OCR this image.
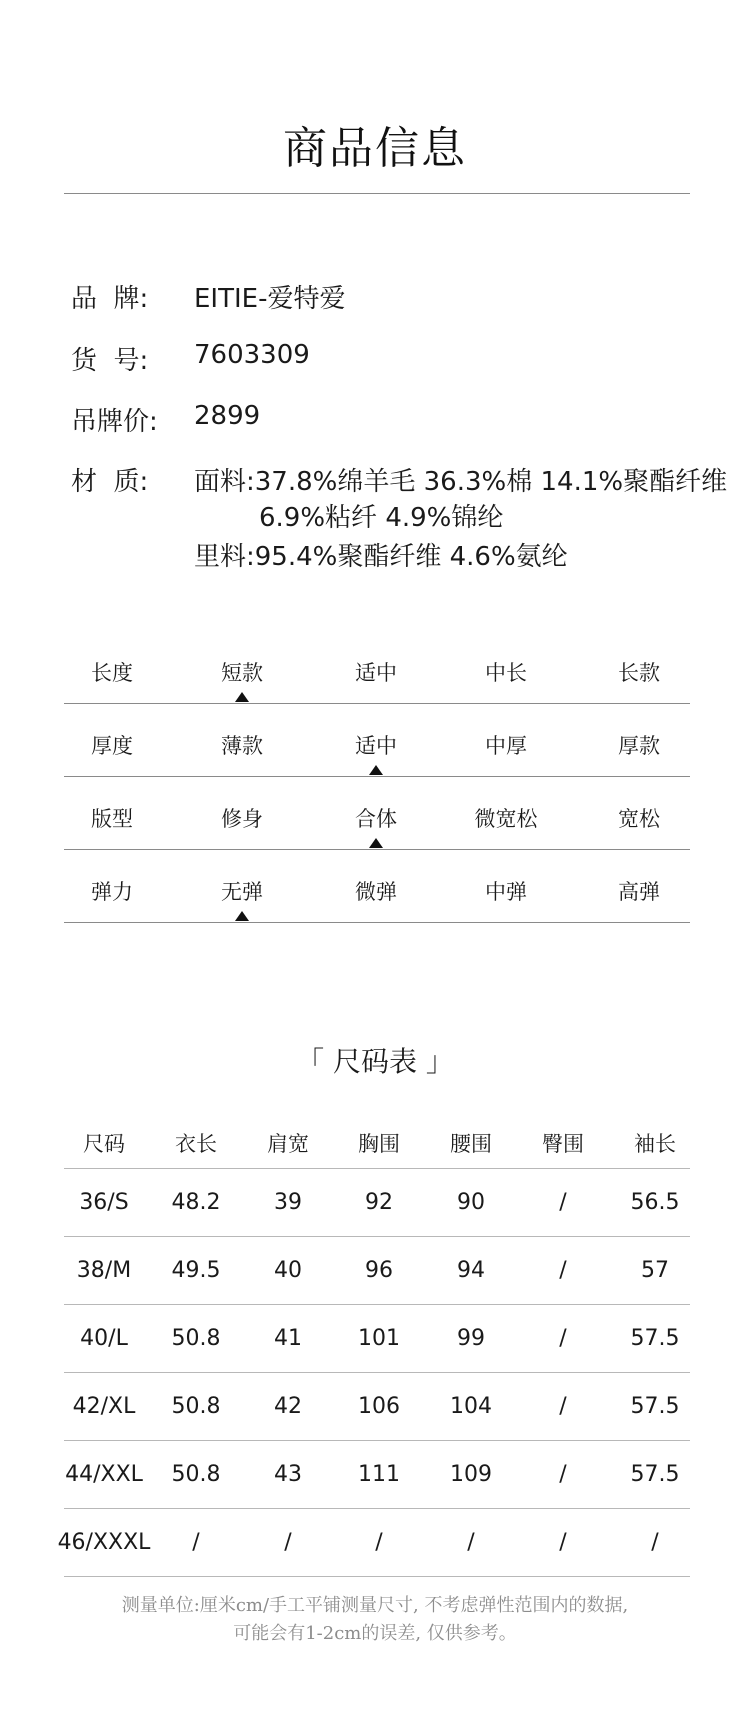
商品信息
品  牌: EITIE-爱特爱
货  号: 7603309
吊牌价: 2899
材  质: 面料:37.8%绵羊毛 36.3%棉 14.1%聚酯纤维
6.9%粘纤 4.9%锦纶
里料:95.4%聚酯纤维 4.6%氨纶
长度	短款	适中	中长	长款
厚度	薄款	适中	中厚	厚款
版型	修身	合体	微宽松	宽松
弹力	无弹	微弹	中弹	高弹
「 尺码表 」
尺码	衣长	肩宽	胸围	腰围	臀围	袖长
36/S	48.2	39	92	90	/	56.5
38/M	49.5	40	96	94	/	57
40/L	50.8	41	101	99	/	57.5
42/XL	50.8	42	106	104	/	57.5
44/XXL	50.8	43	111	109	/	57.5
46/XXXL	/	/	/	/	/	/
测量单位:厘米cm/手工平铺测量尺寸, 不考虑弹性范围内的数据,
可能会有1-2cm的误差, 仅供参考。
